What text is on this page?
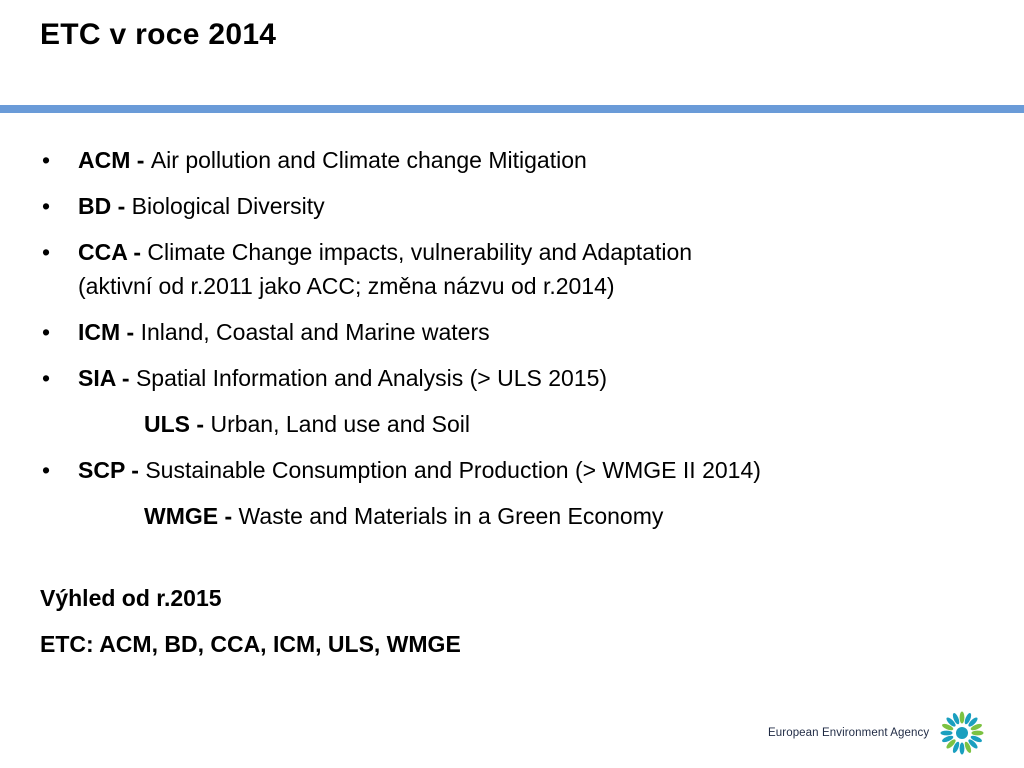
ETC v roce 2014
• ACM - Air pollution and Climate change Mitigation
• BD - Biological Diversity
• CCA - Climate Change impacts, vulnerability and Adaptation
(aktivní od r.2011 jako ACC; změna názvu od r.2014)
• ICM - Inland, Coastal and Marine waters
• SIA - Spatial Information and Analysis (> ULS 2015)
ULS - Urban, Land use and Soil
• SCP - Sustainable Consumption and Production (> WMGE II 2014)
WMGE - Waste and Materials in a Green Economy
Výhled od r.2015
ETC: ACM, BD, CCA, ICM, ULS, WMGE
European Environment Agency
